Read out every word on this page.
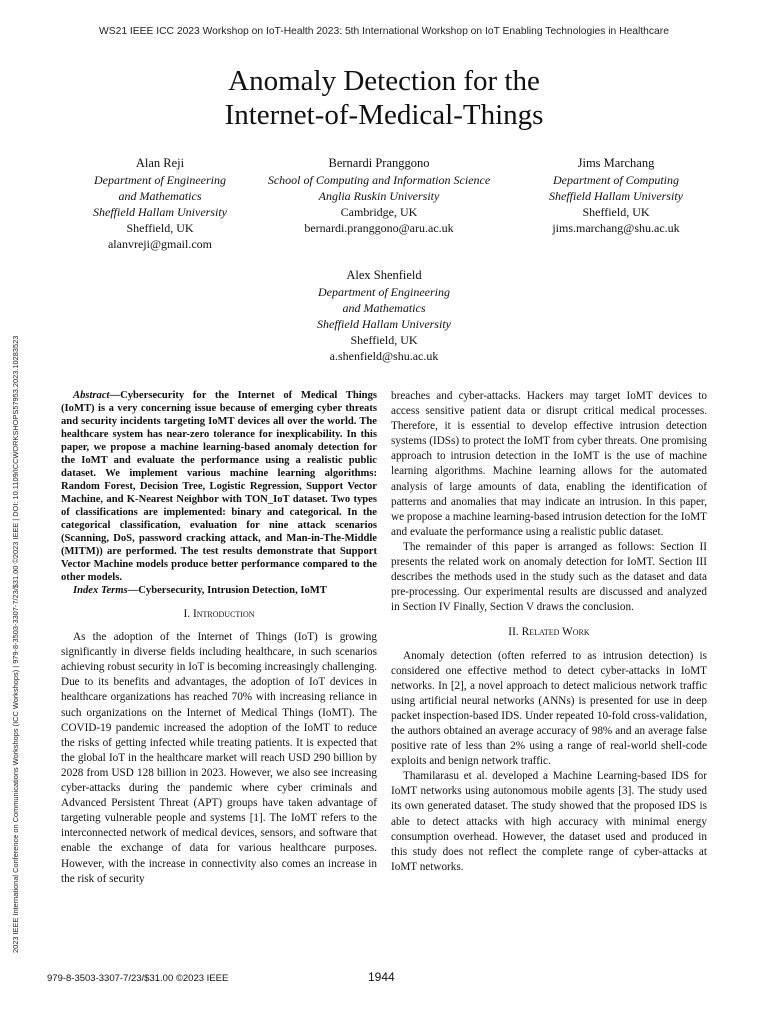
WS21 IEEE ICC 2023 Workshop on IoT-Health 2023: 5th International Workshop on IoT Enabling Technologies in Healthcare
2023 IEEE International Conference on Communications Workshops (ICC Workshops) | 979-8-3503-3307-7/23/$31.00 ©2023 IEEE | DOI: 10.1109/ICCWORKSHOPS57953.2023.10283523
Anomaly Detection for the
Internet-of-Medical-Things
Alan Reji
Department of Engineering
and Mathematics
Sheffield Hallam University
Sheffield, UK
alanvreji@gmail.com
Bernardi Pranggono
School of Computing and Information Science
Anglia Ruskin University
Cambridge, UK
bernardi.pranggono@aru.ac.uk
Jims Marchang
Department of Computing
Sheffield Hallam University
Sheffield, UK
jims.marchang@shu.ac.uk
Alex Shenfield
Department of Engineering
and Mathematics
Sheffield Hallam University
Sheffield, UK
a.shenfield@shu.ac.uk

Abstract—Cybersecurity for the Internet of Medical Things (IoMT) is a very concerning issue because of emerging cyber threats and security incidents targeting IoMT devices all over the world. The healthcare system has near-zero tolerance for inexplicability. In this paper, we propose a machine learning-based anomaly detection for the IoMT and evaluate the performance using a realistic public dataset. We implement various machine learning algorithms: Random Forest, Decision Tree, Logistic Regression, Support Vector Machine, and K-Nearest Neighbor with TON_IoT dataset. Two types of classifications are implemented: binary and categorical. In the categorical classification, evaluation for nine attack scenarios (Scanning, DoS, password cracking attack, and Man-in-The-Middle (MITM)) are performed. The test results demonstrate that Support Vector Machine models produce better performance compared to the other models.

Index Terms—Cybersecurity, Intrusion Detection, IoMT

I. Introduction

As the adoption of the Internet of Things (IoT) is growing significantly in diverse fields including healthcare, in such scenarios achieving robust security in IoT is becoming increasingly challenging. Due to its benefits and advantages, the adoption of IoT devices in healthcare organizations has reached 70% with increasing reliance in such organizations on the Internet of Medical Things (IoMT). The COVID-19 pandemic increased the adoption of the IoMT to reduce the risks of getting infected while treating patients. It is expected that the global IoT in the healthcare market will reach USD 290 billion by 2028 from USD 128 billion in 2023. However, we also see increasing cyber-attacks during the pandemic where cyber criminals and Advanced Persistent Threat (APT) groups have taken advantage of targeting vulnerable people and systems [1]. The IoMT refers to the interconnected network of medical devices, sensors, and software that enable the exchange of data for various healthcare purposes. However, with the increase in connectivity also comes an increase in the risk of security

breaches and cyber-attacks. Hackers may target IoMT devices to access sensitive patient data or disrupt critical medical processes. Therefore, it is essential to develop effective intrusion detection systems (IDSs) to protect the IoMT from cyber threats. One promising approach to intrusion detection in the IoMT is the use of machine learning algorithms. Machine learning allows for the automated analysis of large amounts of data, enabling the identification of patterns and anomalies that may indicate an intrusion. In this paper, we propose a machine learning-based intrusion detection for the IoMT and evaluate the performance using a realistic public dataset.

The remainder of this paper is arranged as follows: Section II presents the related work on anomaly detection for IoMT. Section III describes the methods used in the study such as the dataset and data pre-processing. Our experimental results are discussed and analyzed in Section IV Finally, Section V draws the conclusion.

II. Related Work

Anomaly detection (often referred to as intrusion detection) is considered one effective method to detect cyber-attacks in IoMT networks. In [2], a novel approach to detect malicious network traffic using artificial neural networks (ANNs) is presented for use in deep packet inspection-based IDS. Under repeated 10-fold cross-validation, the authors obtained an average accuracy of 98% and an average false positive rate of less than 2% using a range of real-world shell-code exploits and benign network traffic.

Thamilarasu et al. developed a Machine Learning-based IDS for IoMT networks using autonomous mobile agents [3]. The study used its own generated dataset. The study showed that the proposed IDS is able to detect attacks with high accuracy with minimal energy consumption overhead. However, the dataset used and produced in this study does not reflect the complete range of cyber-attacks at IoMT networks.

979-8-3503-3307-7/23/$31.00 ©2023 IEEE	1944
